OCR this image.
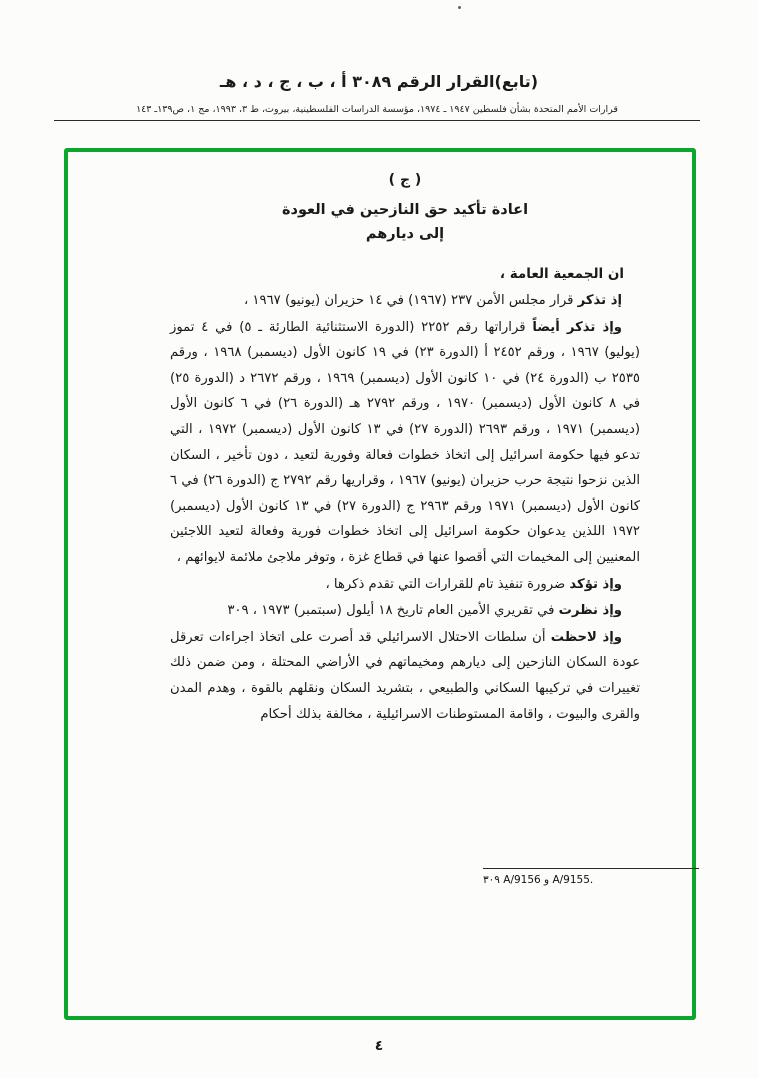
(تابع)القرار الرقم ٣٠٨٩ أ ، ب ، ج ، د ، هـ
قرارات الأمم المتحدة بشأن فلسطين ١٩٤٧ ـ ١٩٧٤، مؤسسة الدراسات الفلسطينية، بيروت، ط ٣، ١٩٩٣، مج ١، ص١٣٩ـ ١٤٣
( ج )
اعادة تأكيد حق النازحين في العودة
إلى ديارهم
ان الجمعية العامة ،

إذ تذكر قرار مجلس الأمن ٢٣٧ (١٩٦٧) في ١٤ حزيران (يونيو) ١٩٦٧ ،

وإذ تذكر أيضاً قراراتها رقم ٢٢٥٢ (الدورة الاستثنائية الطارئة ـ ٥) في ٤ تموز (يوليو) ١٩٦٧ ، ورقم ٢٤٥٢ أ (الدورة ٢٣) في ١٩ كانون الأول (ديسمبر) ١٩٦٨ ، ورقم ٢٥٣٥ ب (الدورة ٢٤) في ١٠ كانون الأول (ديسمبر) ١٩٦٩ ، ورقم ٢٦٧٢ د (الدورة ٢٥) في ٨ كانون الأول (ديسمبر) ١٩٧٠ ، ورقم ٢٧٩٢ هـ (الدورة ٢٦) في ٦ كانون الأول (ديسمبر) ١٩٧١ ، ورقم ٢٦٩٣ (الدورة ٢٧) في ١٣ كانون الأول (ديسمبر) ١٩٧٢ ، التي تدعو فيها حكومة اسرائيل إلى اتخاذ خطوات فعالة وفورية لتعيد ، دون تأخير ، السكان الذين نزحوا نتيجة حرب حزيران (يونيو) ١٩٦٧ ، وقراريها رقم ٢٧٩٢ ج (الدورة ٢٦) في ٦ كانون الأول (ديسمبر) ١٩٧١ ورقم ٢٩٦٣ ج (الدورة ٢٧) في ١٣ كانون الأول (ديسمبر) ١٩٧٢ اللذين يدعوان حكومة اسرائيل إلى اتخاذ خطوات فورية وفعالة لتعيد اللاجئين المعنيين إلى المخيمات التي أقصوا عنها في قطاع غزة ، وتوفر ملاجئ ملائمة لايوائهم ،

وإذ تؤكد ضرورة تنفيذ تام للقرارات التي تقدم ذكرها ،

وإذ نظرت في تقريري الأمين العام تاريخ ١٨ أيلول (سبتمبر) ١٩٧٣ ، ٣٠٩

وإذ لاحظت أن سلطات الاحتلال الاسرائيلي قد أصرت على اتخاذ اجراءات تعرقل عودة السكان النازحين إلى ديارهم ومخيماتهم في الأراضي المحتلة ، ومن ضمن ذلك تغييرات في تركيبها السكاني والطبيعي ، بتشريد السكان ونقلهم بالقوة ، وهدم المدن والقرى والبيوت ، واقامة المستوطنات الاسرائيلية ، مخالفة بذلك أحكام

٣٠٩ A/9156 و A/9155.
٤
